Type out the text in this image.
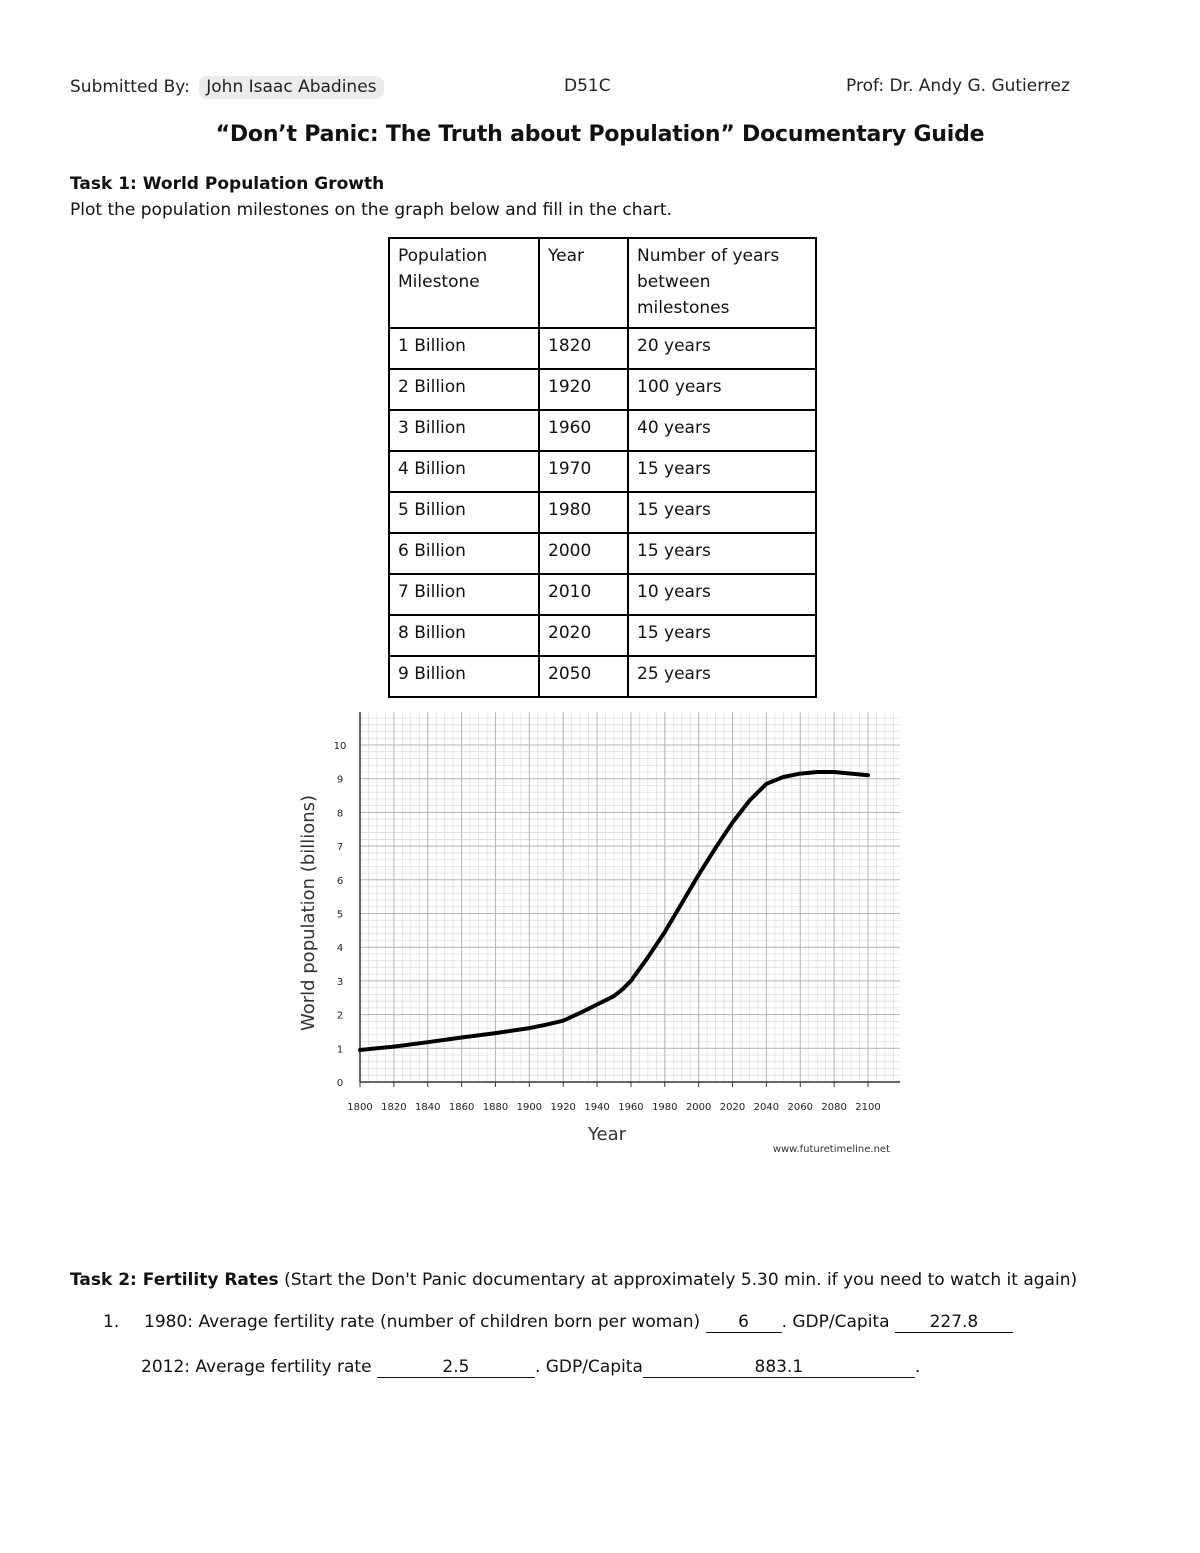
Submitted By: John Isaac Abadines	D51C	Prof: Dr. Andy G. Gutierrez
“Don’t Panic: The Truth about Population” Documentary Guide
Task 1: World Population Growth
Plot the population milestones on the graph below and fill in the chart.
Population Milestone	Year	Number of years between milestones
1 Billion	1820	20 years
2 Billion	1920	100 years
3 Billion	1960	40 years
4 Billion	1970	15 years
5 Billion	1980	15 years
6 Billion	2000	15 years
7 Billion	2010	10 years
8 Billion	2020	15 years
9 Billion	2050	25 years
1800 1820 1840 1860 1880 1900 1920 1940 1960 1980 2000 2020 2040 2060 2080 2100
0
1
2
3
4
5
6
7
8
9
10
Year
World population (billions)
www.futuretimeline.net
Task 2: Fertility Rates (Start the Don't Panic documentary at approximately 5.30 min. if you need to watch it again)
1. 1980: Average fertility rate (number of children born per woman) 6 . GDP/Capita 227.8
2012: Average fertility rate	2.5	. GDP/Capita	883.1	.
